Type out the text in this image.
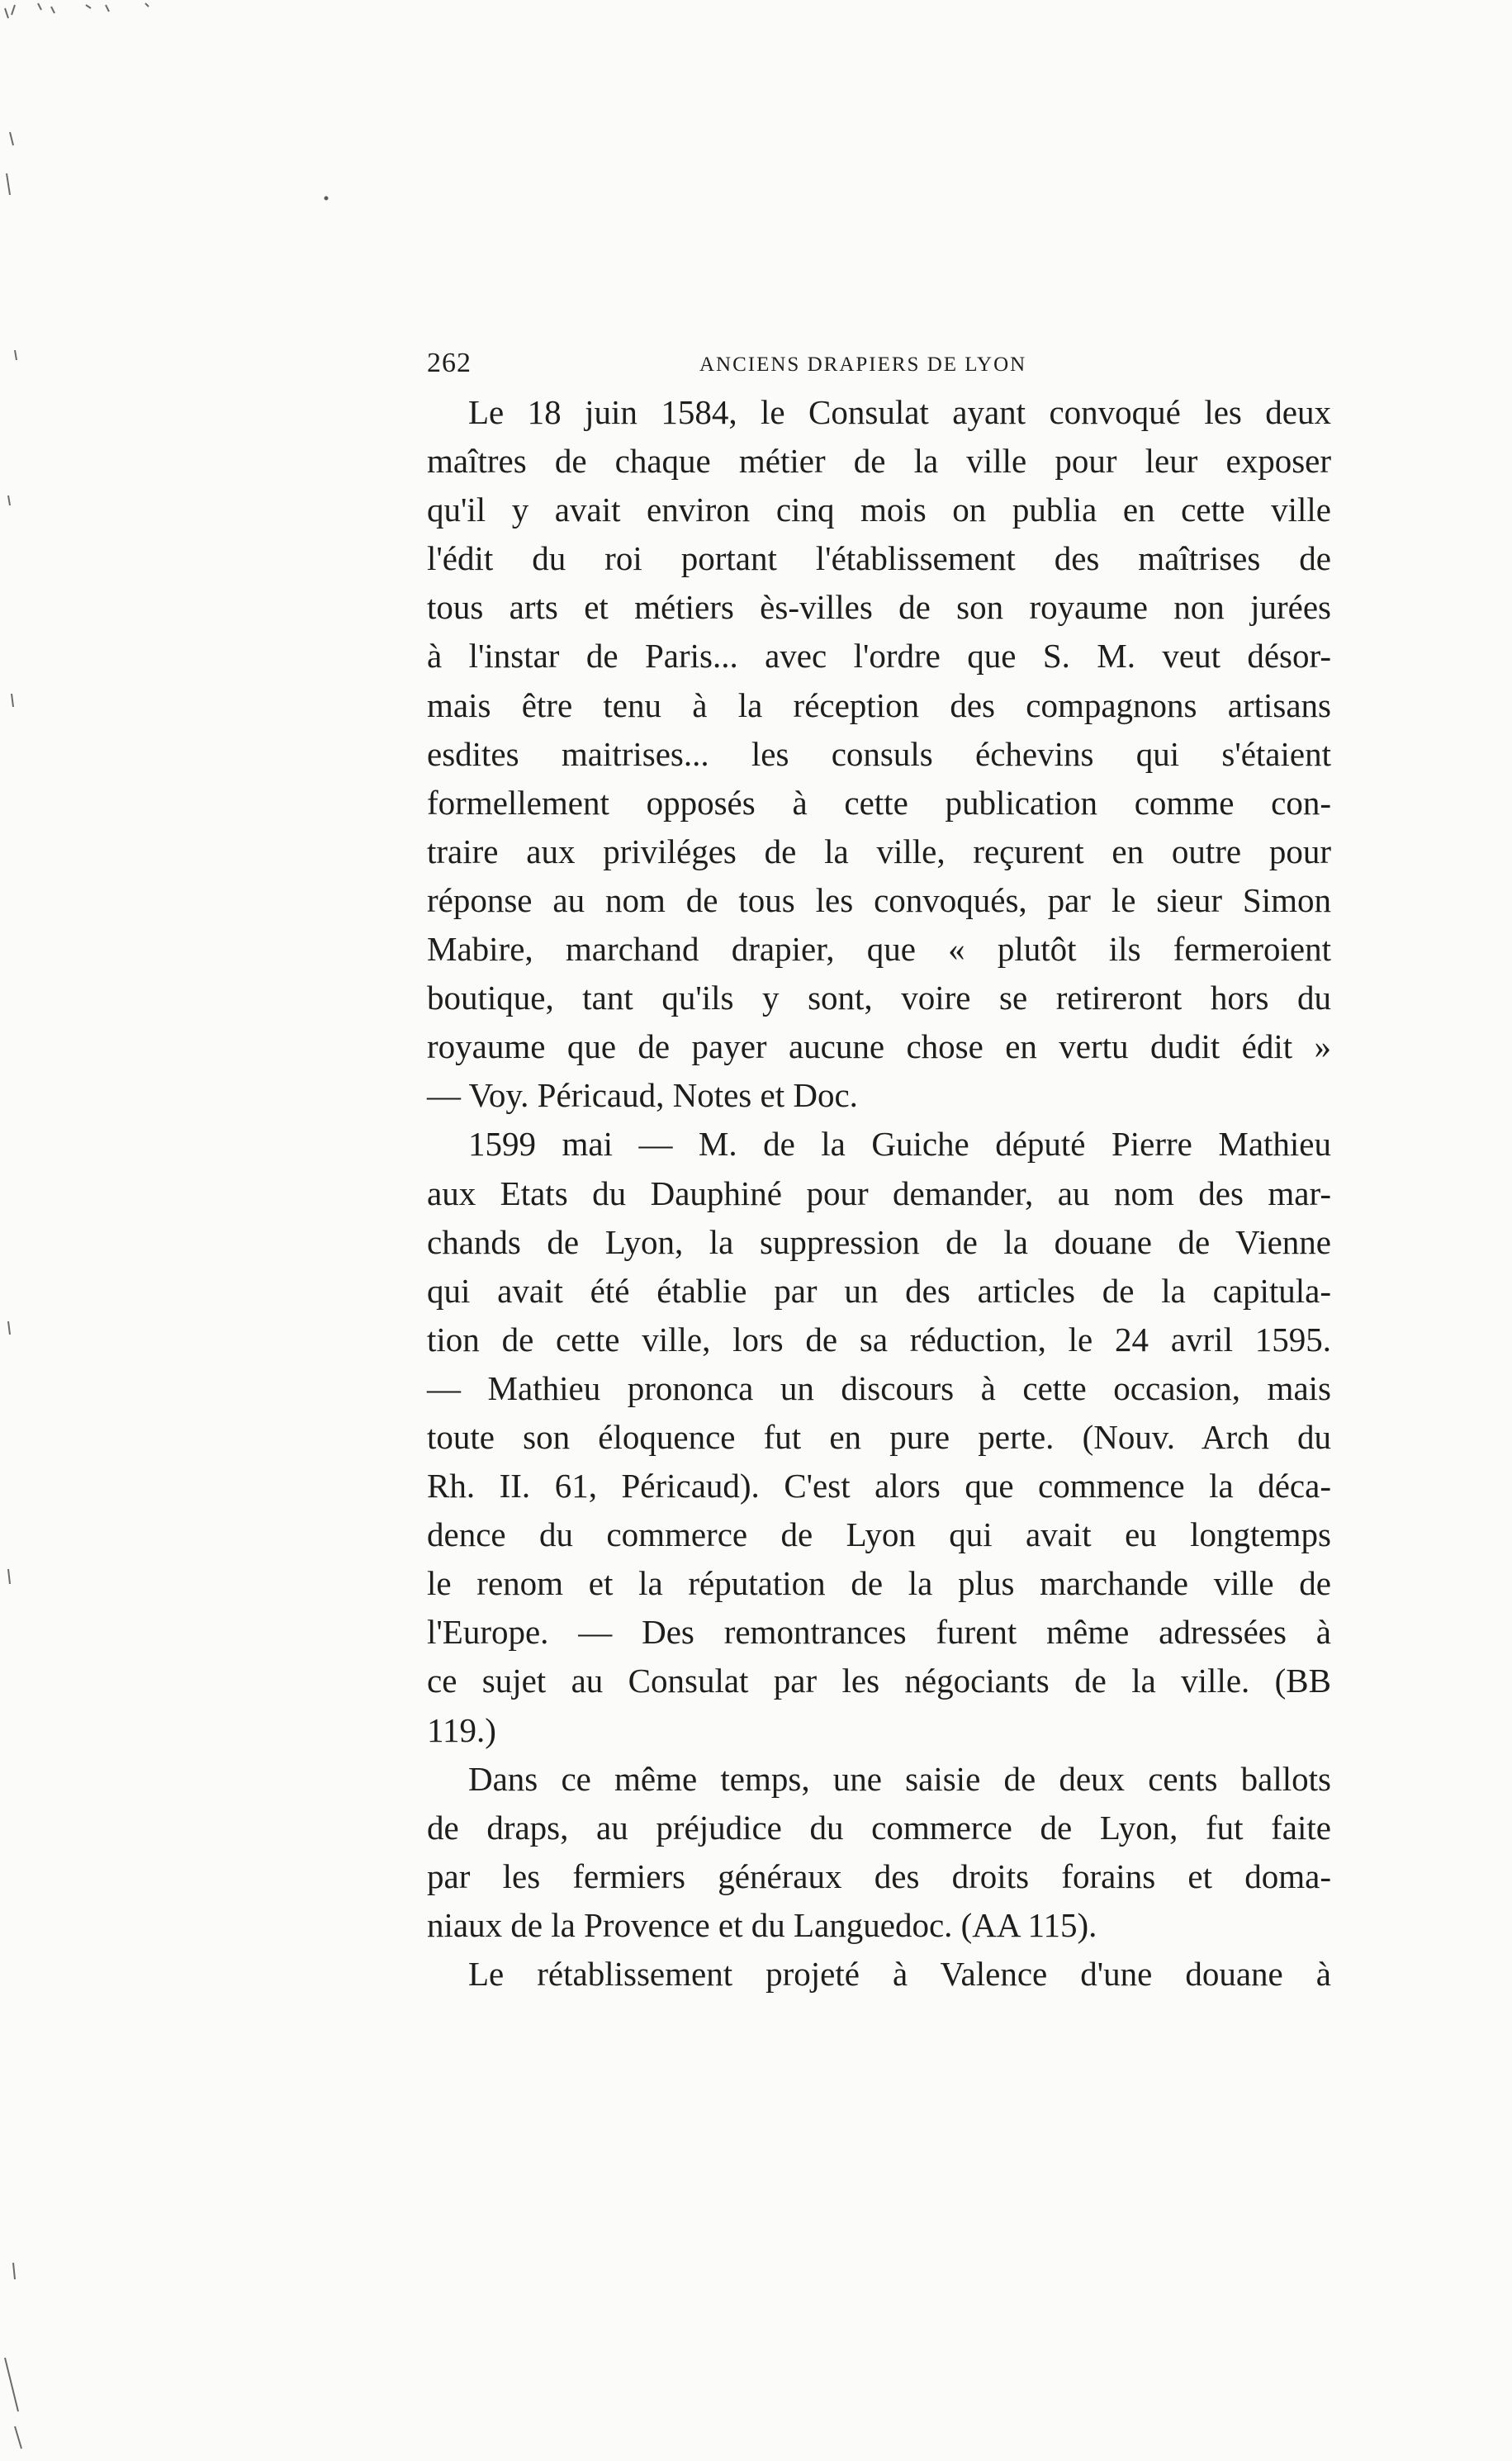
262	ANCIENS DRAPIERS DE LYON

Le 18 juin 1584, le Consulat ayant convoqué les deux
maîtres de chaque métier de la ville pour leur exposer
qu'il y avait environ cinq mois on publia en cette ville
l'édit du roi portant l'établissement des maîtrises de
tous arts et métiers ès-villes de son royaume non jurées
à l'instar de Paris... avec l'ordre que S. M. veut désor-
mais être tenu à la réception des compagnons artisans
esdites maitrises... les consuls échevins qui s'étaient
formellement opposés à cette publication comme con-
traire aux priviléges de la ville, reçurent en outre pour
réponse au nom de tous les convoqués, par le sieur Simon
Mabire, marchand drapier, que « plutôt ils fermeroient
boutique, tant qu'ils y sont, voire se retireront hors du
royaume que de payer aucune chose en vertu dudit édit »
— Voy. Péricaud, Notes et Doc.

1599 mai — M. de la Guiche député Pierre Mathieu
aux Etats du Dauphiné pour demander, au nom des mar-
chands de Lyon, la suppression de la douane de Vienne
qui avait été établie par un des articles de la capitula-
tion de cette ville, lors de sa réduction, le 24 avril 1595.
— Mathieu prononca un discours à cette occasion, mais
toute son éloquence fut en pure perte. (Nouv. Arch du
Rh. II. 61, Péricaud). C'est alors que commence la déca-
dence du commerce de Lyon qui avait eu longtemps
le renom et la réputation de la plus marchande ville de
l'Europe. — Des remontrances furent même adressées à
ce sujet au Consulat par les négociants de la ville. (BB
119.)

Dans ce même temps, une saisie de deux cents ballots
de draps, au préjudice du commerce de Lyon, fut faite
par les fermiers généraux des droits forains et doma-
niaux de la Provence et du Languedoc. (AA 115).

Le rétablissement projeté à Valence d'une douane à
